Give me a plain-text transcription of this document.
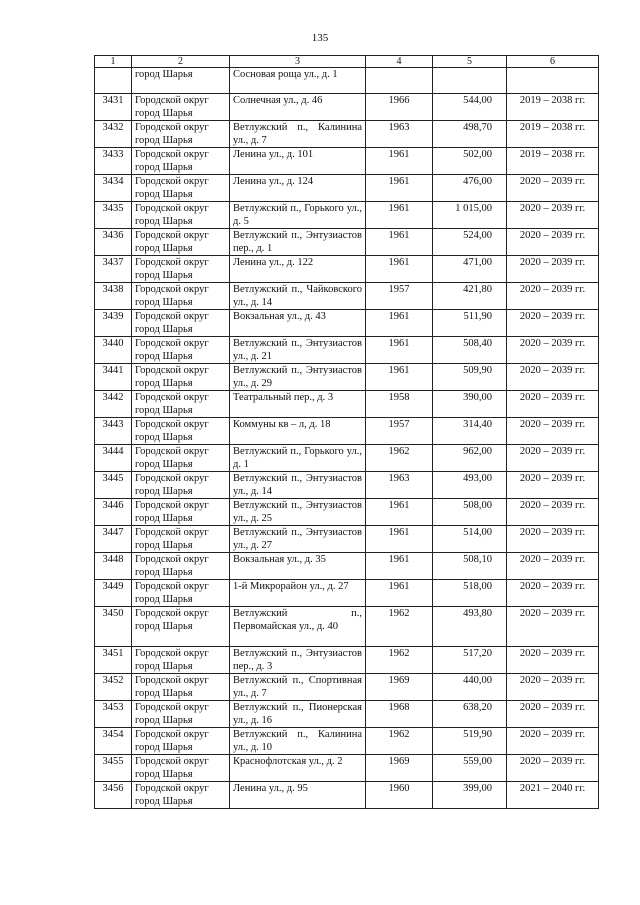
135
1	2	3	4	5	6
	город Шарья	Сосновая роща ул., д. 1			
3431	Городской округ город Шарья	Солнечная ул., д. 46	1966	544,00	2019 – 2038 гг.
3432	Городской округ город Шарья	Ветлужский п., Калинина ул., д. 7	1963	498,70	2019 – 2038 гг.
3433	Городской округ город Шарья	Ленина ул., д. 101	1961	502,00	2019 – 2038 гг.
3434	Городской округ город Шарья	Ленина ул., д. 124	1961	476,00	2020 – 2039 гг.
3435	Городской округ город Шарья	Ветлужский п., Горького ул., д. 5	1961	1 015,00	2020 – 2039 гг.
3436	Городской округ город Шарья	Ветлужский п., Энтузиастов пер., д. 1	1961	524,00	2020 – 2039 гг.
3437	Городской округ город Шарья	Ленина ул., д. 122	1961	471,00	2020 – 2039 гг.
3438	Городской округ город Шарья	Ветлужский п., Чайковского ул., д. 14	1957	421,80	2020 – 2039 гг.
3439	Городской округ город Шарья	Вокзальная ул., д. 43	1961	511,90	2020 – 2039 гг.
3440	Городской округ город Шарья	Ветлужский п., Энтузиастов ул., д. 21	1961	508,40	2020 – 2039 гг.
3441	Городской округ город Шарья	Ветлужский п., Энтузиастов ул., д. 29	1961	509,90	2020 – 2039 гг.
3442	Городской округ город Шарья	Театральный пер., д. 3	1958	390,00	2020 – 2039 гг.
3443	Городской округ город Шарья	Коммуны кв – л, д. 18	1957	314,40	2020 – 2039 гг.
3444	Городской округ город Шарья	Ветлужский п., Горького ул., д. 1	1962	962,00	2020 – 2039 гг.
3445	Городской округ город Шарья	Ветлужский п., Энтузиастов ул., д. 14	1963	493,00	2020 – 2039 гг.
3446	Городской округ город Шарья	Ветлужский п., Энтузиастов ул., д. 25	1961	508,00	2020 – 2039 гг.
3447	Городской округ город Шарья	Ветлужский п., Энтузиастов ул., д. 27	1961	514,00	2020 – 2039 гг.
3448	Городской округ город Шарья	Вокзальная ул., д. 35	1961	508,10	2020 – 2039 гг.
3449	Городской округ город Шарья	1-й Микрорайон ул., д. 27	1961	518,00	2020 – 2039 гг.
3450	Городской округ город Шарья	Ветлужский п., Первомайская ул., д. 40	1962	493,80	2020 – 2039 гг.
3451	Городской округ город Шарья	Ветлужский п., Энтузиастов пер., д. 3	1962	517,20	2020 – 2039 гг.
3452	Городской округ город Шарья	Ветлужский п., Спортивная ул., д. 7	1969	440,00	2020 – 2039 гг.
3453	Городской округ город Шарья	Ветлужский п., Пионерская ул., д. 16	1968	638,20	2020 – 2039 гг.
3454	Городской округ город Шарья	Ветлужский п., Калинина ул., д. 10	1962	519,90	2020 – 2039 гг.
3455	Городской округ город Шарья	Краснофлотская ул., д. 2	1969	559,00	2020 – 2039 гг.
3456	Городской округ город Шарья	Ленина ул., д. 95	1960	399,00	2021 – 2040 гг.
